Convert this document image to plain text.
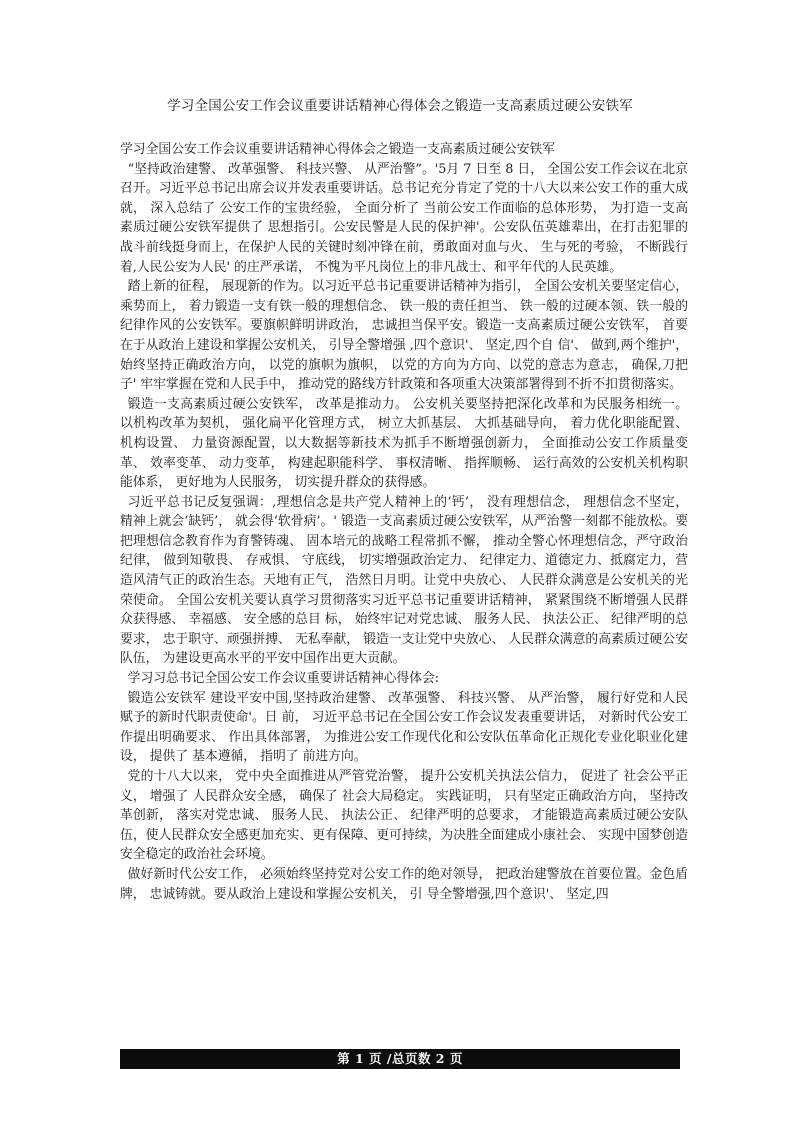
学习全国公安工作会议重要讲话精神心得体会之锻造一支高素质过硬公安铁军

学习全国公安工作会议重要讲话精神心得体会之锻造一支高素质过硬公安铁军

“坚持政治建警、 改革强警、 科技兴警、 从严治警”。'5月 7 日至 8 日， 全国公安工作会议在北京召开。习近平总书记出席会议并发表重要讲话。总书记充分肯定了党的十八大以来公安工作的重大成就， 深入总结了 公安工作的宝贵经验， 全面分析了 当前公安工作面临的总体形势， 为打造一支高素质过硬公安铁军提供了 思想指引。公安民警是人民的保护神'。公安队伍英雄辈出，在打击犯罪的战斗前线挺身而上，在保护人民的关键时刻冲锋在前，勇敢面对血与火、 生与死的考验， 不断践行着,人民公安为人民' 的庄严承诺， 不愧为平凡岗位上的非凡战士、和平年代的人民英雄。

踏上新的征程， 展现新的作为。以习近平总书记重要讲话精神为指引， 全国公安机关要坚定信心， 乘势而上， 着力锻造一支有铁一般的理想信念、 铁一般的责任担当、 铁一般的过硬本领、铁一般的纪律作风的公安铁军。要旗帜鲜明讲政治， 忠诚担当保平安。锻造一支高素质过硬公安铁军， 首要在于从政治上建设和掌握公安机关， 引导全警增强 ,四个意识'、 坚定,四个自 信'、 做到,两个维护'， 始终坚持正确政治方向， 以党的旗帜为旗帜， 以党的方向为方向、以党的意志为意志， 确保,刀把子' 牢牢掌握在党和人民手中， 推动党的路线方针政策和各项重大决策部署得到不折不扣贯彻落实。

锻造一支高素质过硬公安铁军， 改革是推动力。 公安机关要坚持把深化改革和为民服务相统一。 以机构改革为契机， 强化扁平化管理方式， 树立大抓基层、 大抓基础导向， 着力优化职能配置、 机构设置、 力量资源配置，以大数据等新技术为抓手不断增强创新力， 全面推动公安工作质量变革、 效率变革、 动力变革， 构建起职能科学、 事权清晰、 指挥顺畅、 运行高效的公安机关机构职能体系， 更好地为人民服务， 切实提升群众的获得感。

习近平总书记反复强调：,理想信念是共产党人精神上的‘钙’， 没有理想信念， 理想信念不坚定， 精神上就会‘缺钙’， 就会得‘软骨病’。' 锻造一支高素质过硬公安铁军，从严治警一刻都不能放松。要把理想信念教育作为育警铸魂、 固本培元的战略工程常抓不懈， 推动全警心怀理想信念，严守政治纪律， 做到知敬畏、 存戒惧、 守底线， 切实增强政治定力、 纪律定力、道德定力、抵腐定力，营造风清气正的政治生态。天地有正气， 浩然日月明。让党中央放心、 人民群众满意是公安机关的光荣使命。 全国公安机关要认真学习贯彻落实习近平总书记重要讲话精神， 紧紧围绕不断增强人民群众获得感、 幸福感、 安全感的总目 标， 始终牢记对党忠诚、 服务人民、 执法公正、 纪律严明的总要求， 忠于职守、顽强拼搏、 无私奉献， 锻造一支让党中央放心、 人民群众满意的高素质过硬公安队伍， 为建设更高水平的平安中国作出更大贡献。

学习习总书记全国公安工作会议重要讲话精神心得体会:

锻造公安铁军 建设平安中国,坚持政治建警、 改革强警、 科技兴警、 从严治警， 履行好党和人民赋予的新时代职责使命'。日 前， 习近平总书记在全国公安工作会议发表重要讲话， 对新时代公安工作提出明确要求、 作出具体部署， 为推进公安工作现代化和公安队伍革命化正规化专业化职业化建设， 提供了 基本遵循， 指明了 前进方向。

党的十八大以来， 党中央全面推进从严管党治警， 提升公安机关执法公信力， 促进了 社会公平正义， 增强了 人民群众安全感， 确保了 社会大局稳定。 实践证明， 只有坚定正确政治方向， 坚持改革创新， 落实对党忠诚、 服务人民、 执法公正、 纪律严明的总要求， 才能锻造高素质过硬公安队伍，使人民群众安全感更加充实、更有保障、更可持续，为决胜全面建成小康社会、 实现中国梦创造安全稳定的政治社会环境。

做好新时代公安工作， 必须始终坚持党对公安工作的绝对领导， 把政治建警放在首要位置。金色盾牌， 忠诚铸就。要从政治上建设和掌握公安机关， 引 导全警增强,四个意识'、 坚定,四

第 1 页 /总页数 2 页
